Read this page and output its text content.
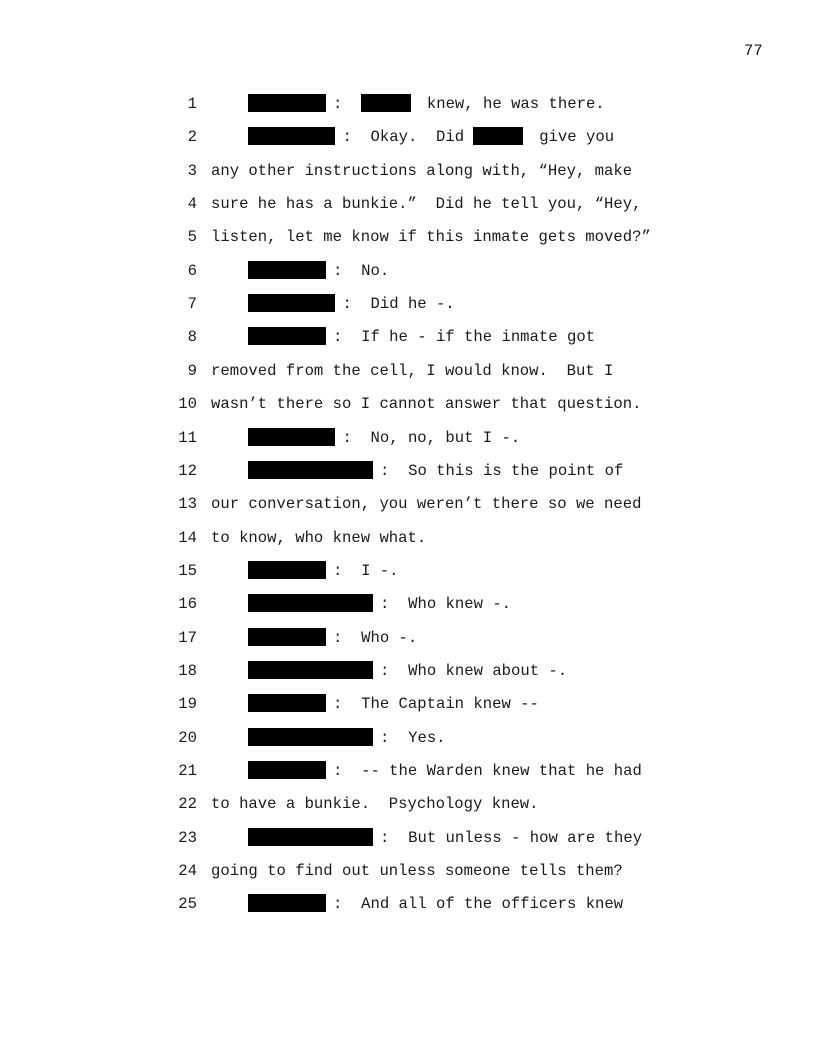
77
1	:	knew, he was there.
2	:  Okay.  Did	give you
3 any other instructions along with, “Hey, make
4 sure he has a bunkie.”  Did he tell you, “Hey,
5 listen, let me know if this inmate gets moved?”
6	:  No.
7	:  Did he -.
8	:  If he - if the inmate got
9 removed from the cell, I would know.  But I
10 wasn’t there so I cannot answer that question.
11	:  No, no, but I -.
12	:  So this is the point of
13 our conversation, you weren’t there so we need
14 to know, who knew what.
15	:  I -.
16	:  Who knew -.
17	:  Who -.
18	:  Who knew about -.
19	:  The Captain knew --
20	:  Yes.
21	:  -- the Warden knew that he had
22 to have a bunkie.  Psychology knew.
23	:  But unless - how are they
24 going to find out unless someone tells them?
25	:  And all of the officers knew
